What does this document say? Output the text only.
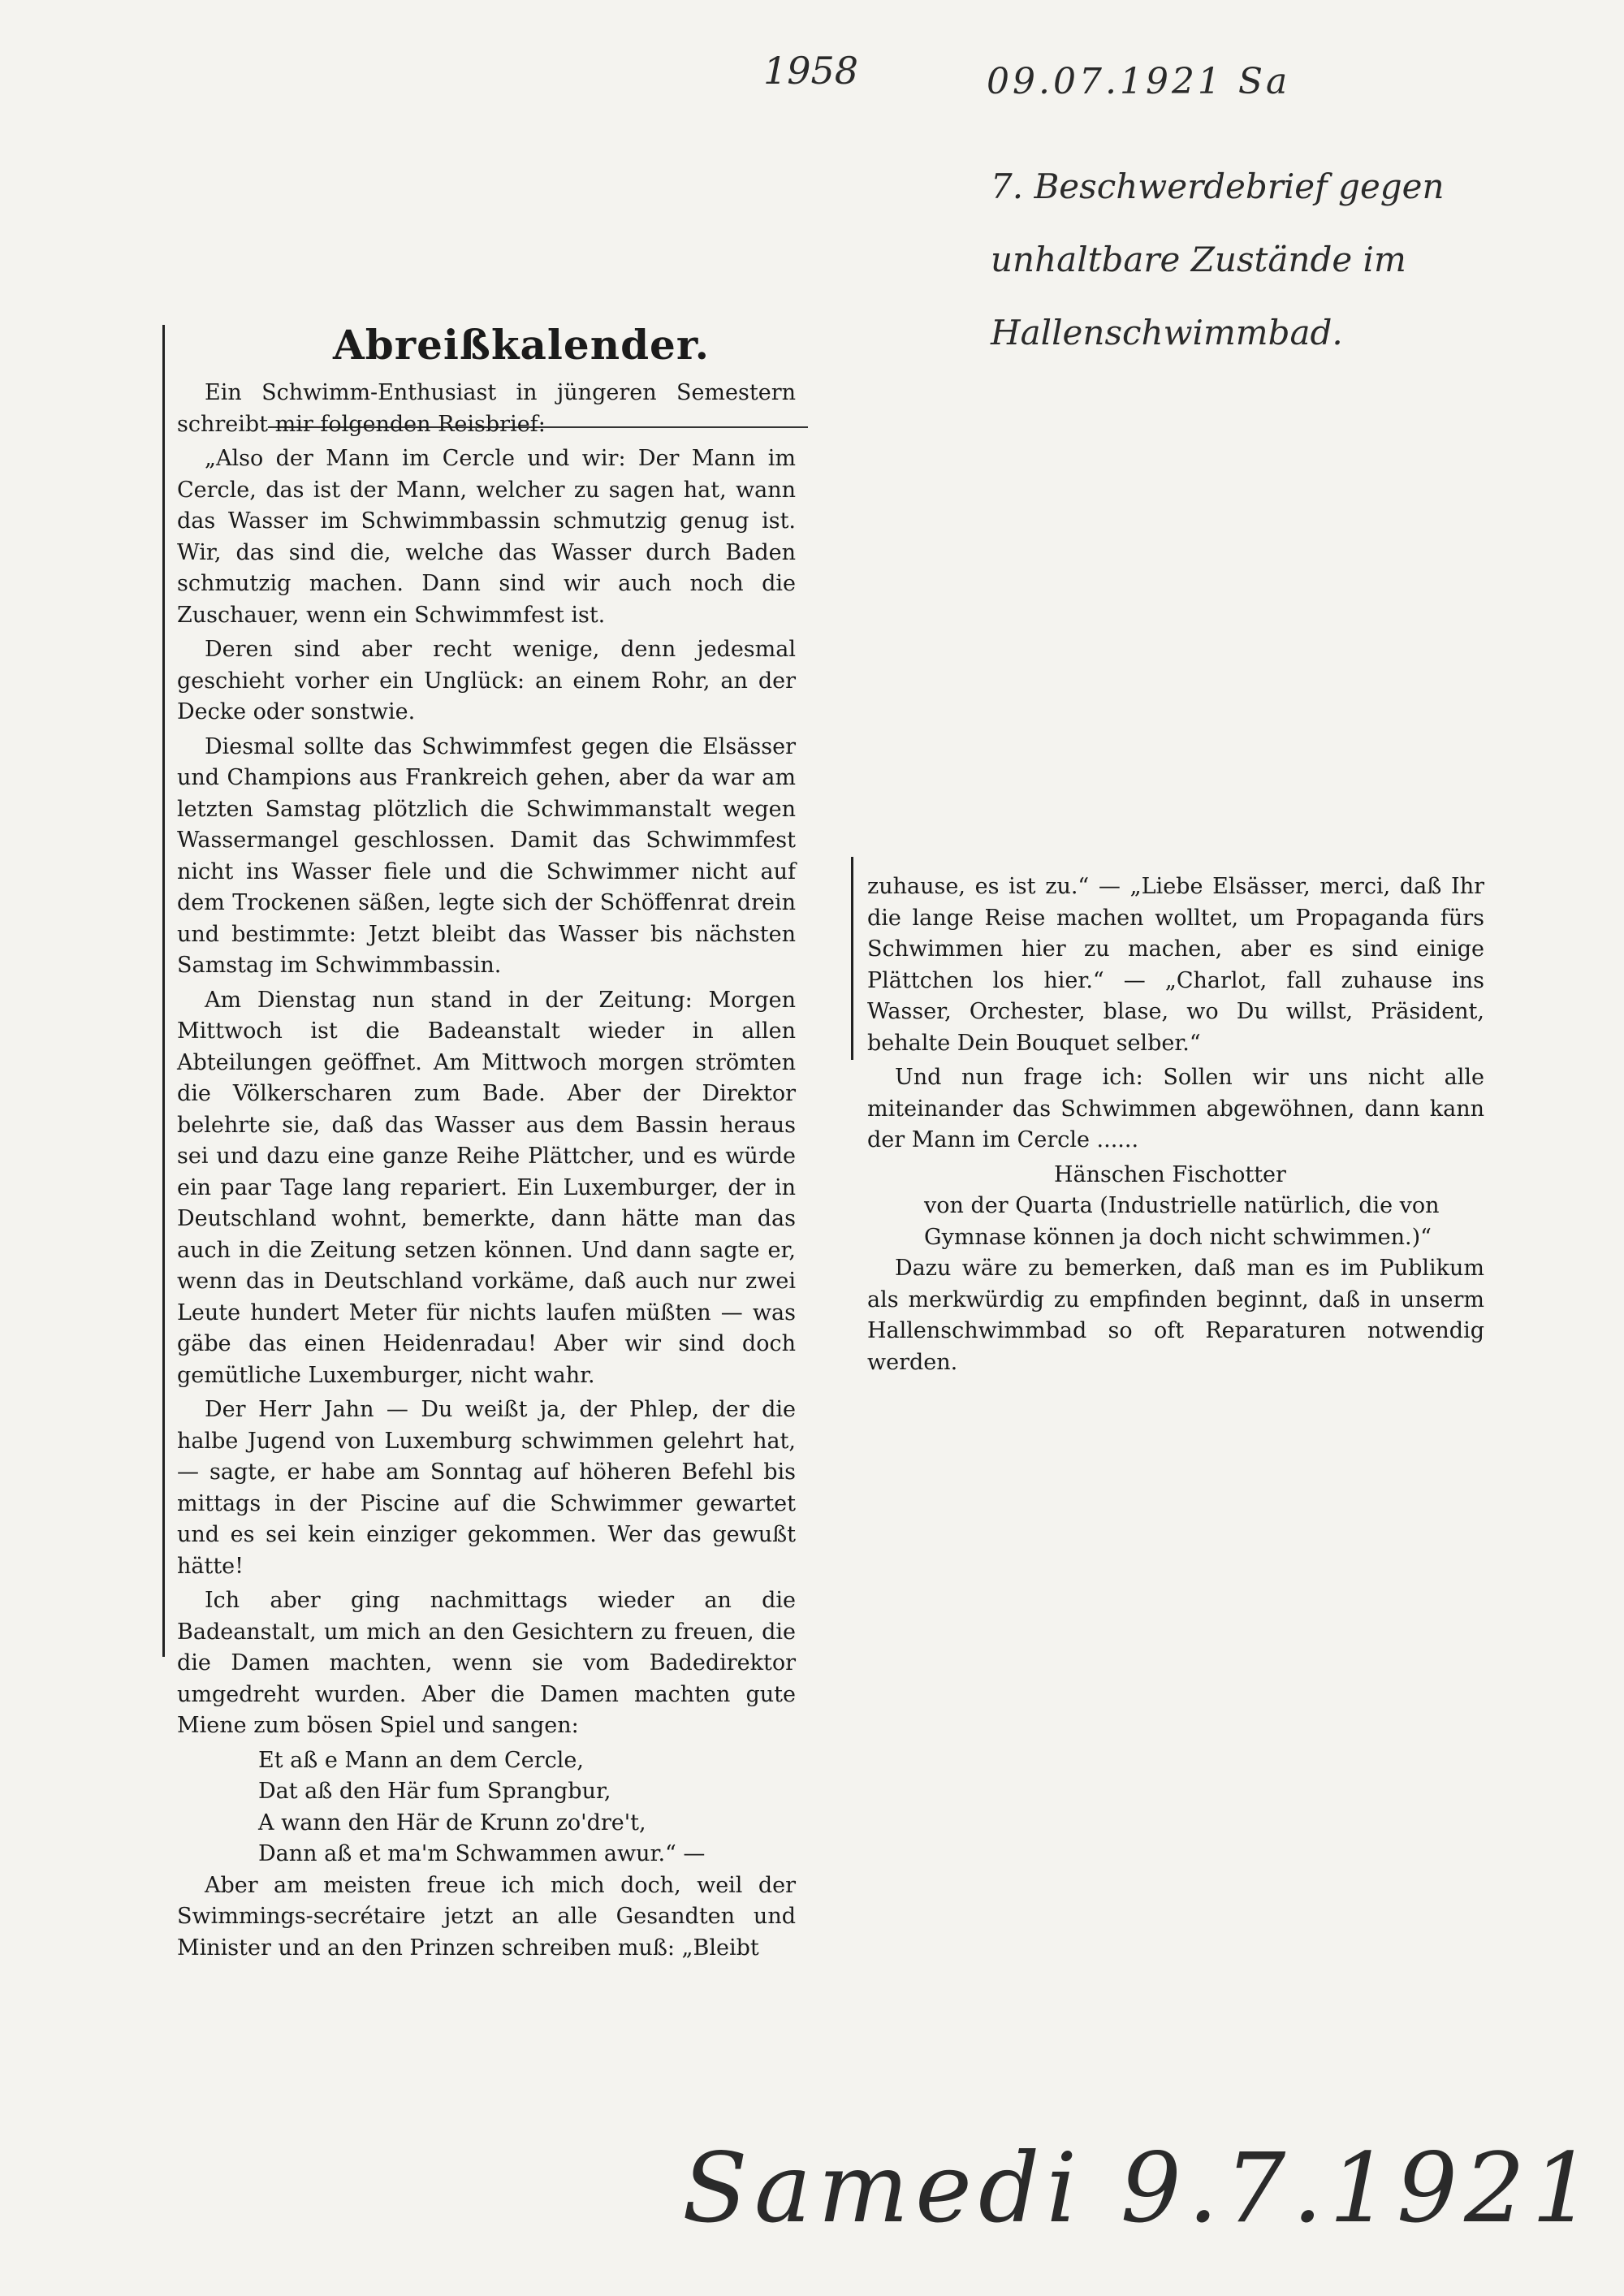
1958	09.07.1921 Sa
7. Beschwerdebrief gegen unhaltbare Zustände im Hallenschwimmbad.
Abreißkalender.

Ein Schwimm-Enthusiast in jüngeren Semestern schreibt mir folgenden Reisbrief:

„Also der Mann im Cercle und wir: Der Mann im Cercle, das ist der Mann, welcher zu sagen hat, wann das Wasser im Schwimmbassin schmutzig genug ist. Wir, das sind die, welche das Wasser durch Baden schmutzig machen. Dann sind wir auch noch die Zuschauer, wenn ein Schwimmfest ist.

Deren sind aber recht wenige, denn jedesmal geschieht vorher ein Unglück: an einem Rohr, an der Decke oder sonstwie.

Diesmal sollte das Schwimmfest gegen die Elsässer und Champions aus Frankreich gehen, aber da war am letzten Samstag plötzlich die Schwimmanstalt wegen Wassermangel geschlossen. Damit das Schwimmfest nicht ins Wasser fiele und die Schwimmer nicht auf dem Trockenen säßen, legte sich der Schöffenrat drein und bestimmte: Jetzt bleibt das Wasser bis nächsten Samstag im Schwimmbassin.

Am Dienstag nun stand in der Zeitung: Morgen Mittwoch ist die Badeanstalt wieder in allen Abteilungen geöffnet. Am Mittwoch morgen strömten die Völkerscharen zum Bade. Aber der Direktor belehrte sie, daß das Wasser aus dem Bassin heraus sei und dazu eine ganze Reihe Plättcher, und es würde ein paar Tage lang repariert. Ein Luxemburger, der in Deutschland wohnt, bemerkte, dann hätte man das auch in die Zeitung setzen können. Und dann sagte er, wenn das in Deutschland vorkäme, daß auch nur zwei Leute hundert Meter für nichts laufen müßten — was gäbe das einen Heidenradau! Aber wir sind doch gemütliche Luxemburger, nicht wahr.

Der Herr Jahn — Du weißt ja, der Phlep, der die halbe Jugend von Luxemburg schwimmen gelehrt hat, — sagte, er habe am Sonntag auf höheren Befehl bis mittags in der Piscine auf die Schwimmer gewartet und es sei kein einziger gekommen. Wer das gewußt hätte!

Ich aber ging nachmittags wieder an die Badeanstalt, um mich an den Gesichtern zu freuen, die die Damen machten, wenn sie vom Badedirektor umgedreht wurden. Aber die Damen machten gute Miene zum bösen Spiel und sangen:

Et aß e Mann an dem Cercle,
Dat aß den Här fum Sprangbur,
A wann den Här de Krunn zo'dre't,
Dann aß et ma'm Schwammen awur.“ —

Aber am meisten freue ich mich doch, weil der Swimmings-secrétaire jetzt an alle Gesandten und Minister und an den Prinzen schreiben muß: „Bleibt

zuhause, es ist zu.“ — „Liebe Elsässer, merci, daß Ihr die lange Reise machen wolltet, um Propaganda fürs Schwimmen hier zu machen, aber es sind einige Plättchen los hier.“ — „Charlot, fall zuhause ins Wasser, Orchester, blase, wo Du willst, Präsident, behalte Dein Bouquet selber.“

Und nun frage ich: Sollen wir uns nicht alle miteinander das Schwimmen abgewöhnen, dann kann der Mann im Cercle ......

Hänschen Fischotter
von der Quarta (Industrielle natürlich, die von Gymnase können ja doch nicht schwimmen.)“

Dazu wäre zu bemerken, daß man es im Publikum als merkwürdig zu empfinden beginnt, daß in unserm Hallenschwimmbad so oft Reparaturen notwendig werden.

Samedi 9.7.1921
